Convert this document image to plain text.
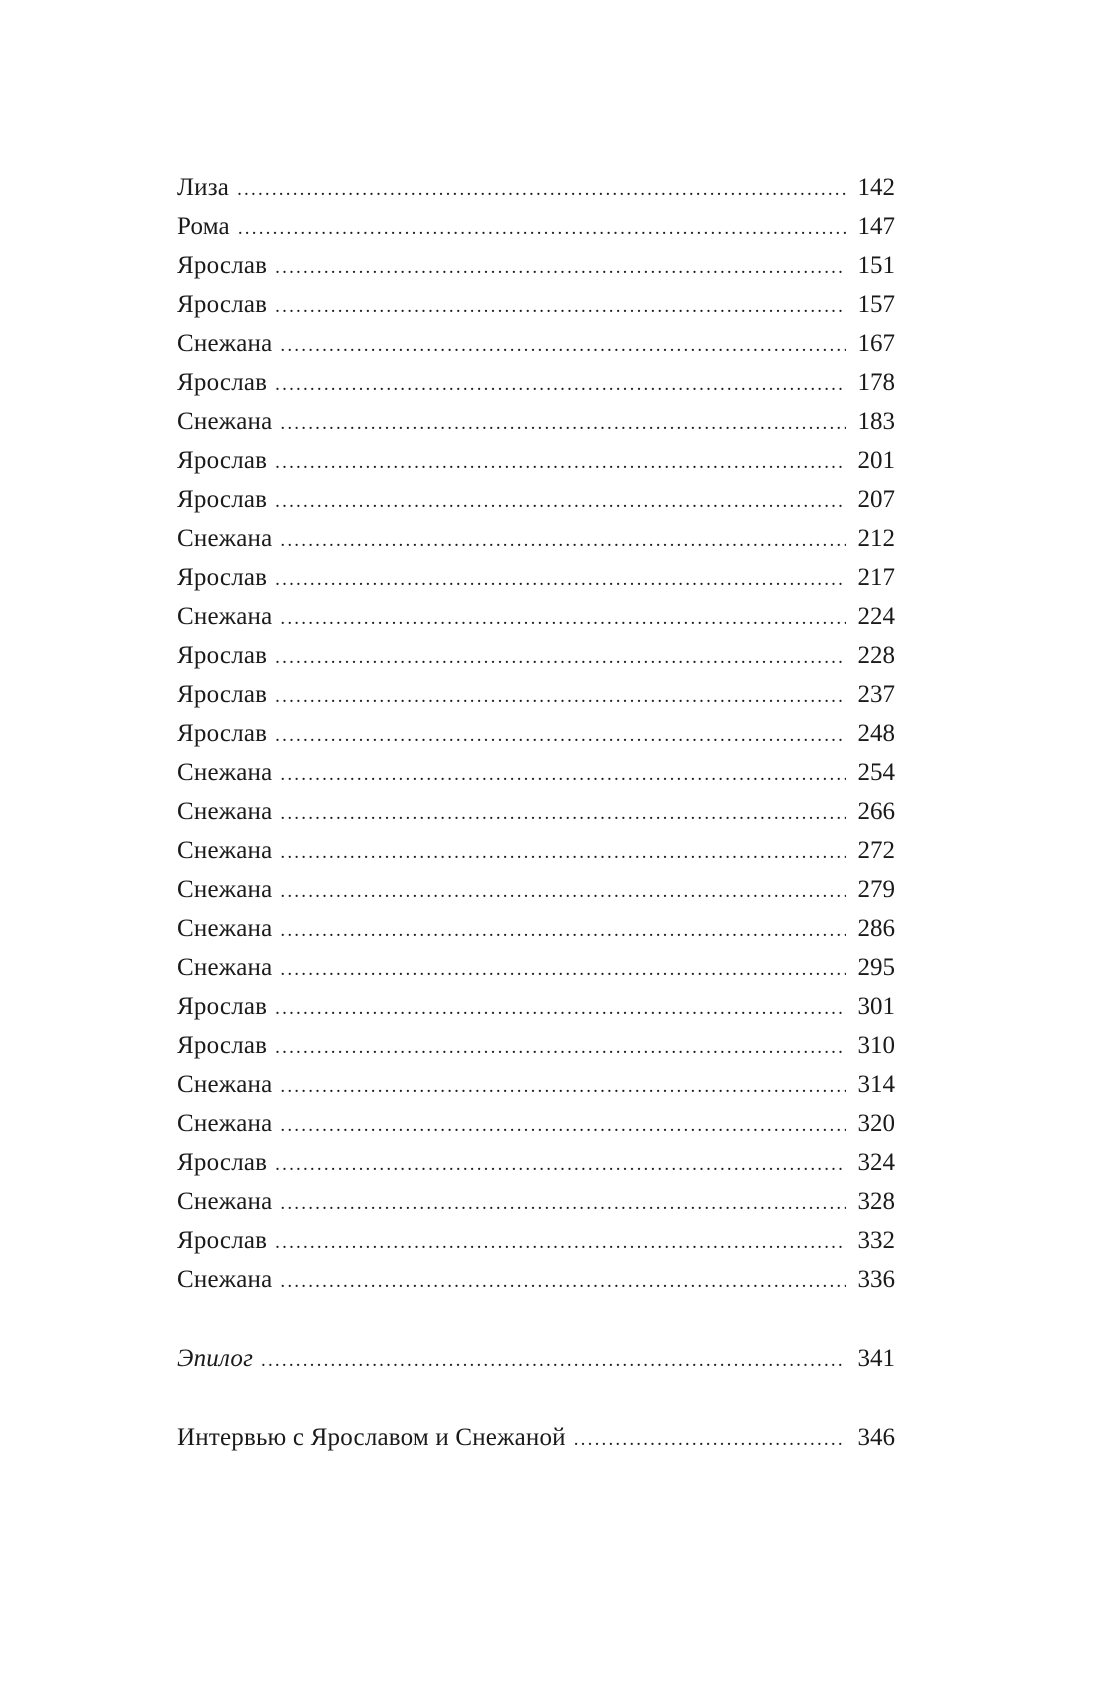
Лиза .....	142
Рома .....	147
Ярослав .....	151
Ярослав .....	157
Снежана .....	167
Ярослав .....	178
Снежана .....	183
Ярослав .....	201
Ярослав .....	207
Снежана .....	212
Ярослав .....	217
Снежана .....	224
Ярослав .....	228
Ярослав .....	237
Ярослав .....	248
Снежана .....	254
Снежана .....	266
Снежана .....	272
Снежана .....	279
Снежана .....	286
Снежана .....	295
Ярослав .....	301
Ярослав .....	310
Снежана .....	314
Снежана .....	320
Ярослав .....	324
Снежана .....	328
Ярослав .....	332
Снежана .....	336
Эпилог .....	341
Интервью с Ярославом и Снежаной .....	346
